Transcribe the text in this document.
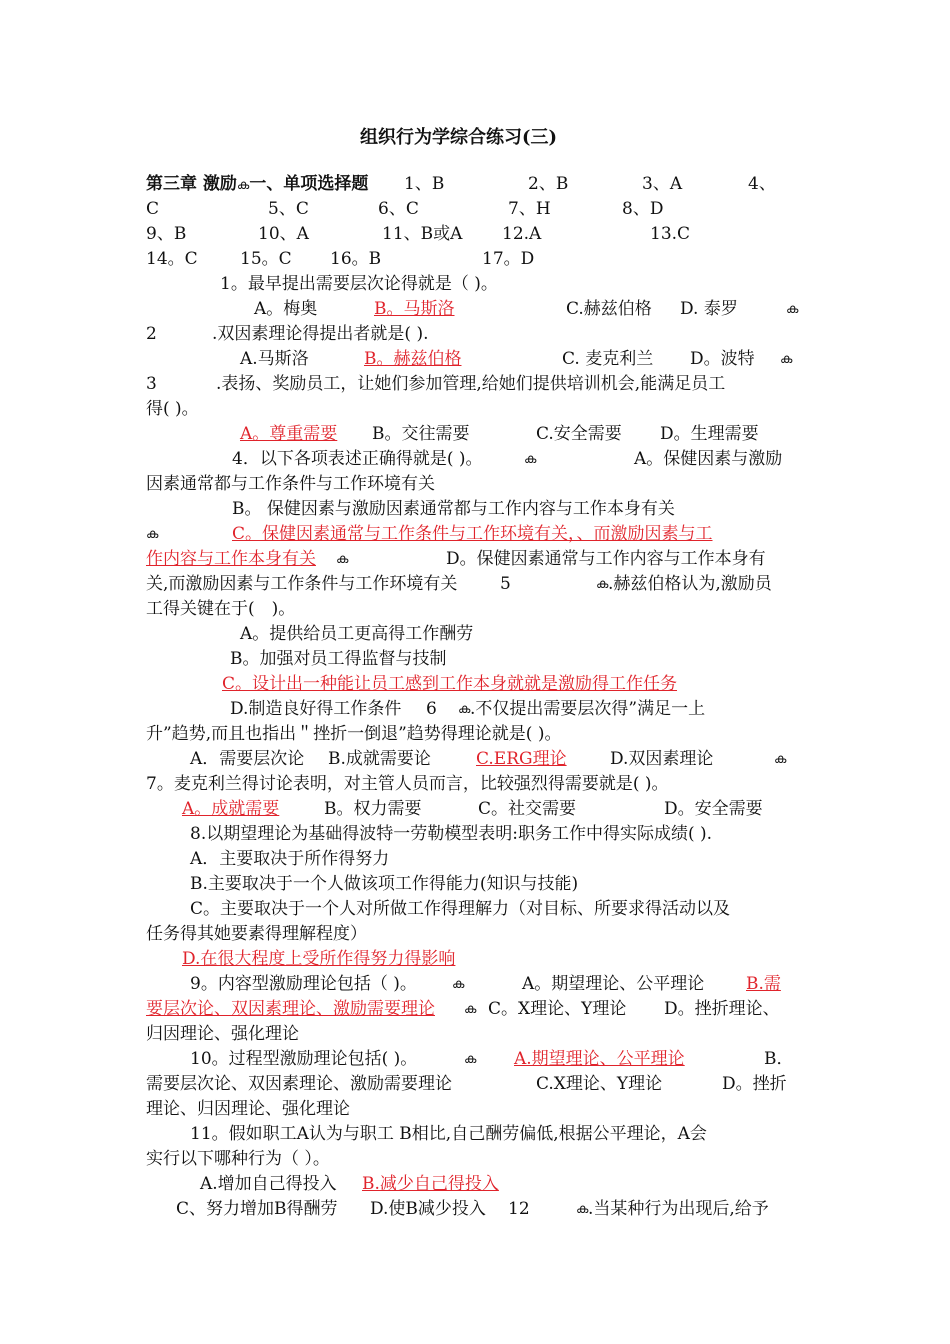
组织行为学综合练习(三)
第三章 激励ക一、单项选择题 1、B	2、B	3、A	4、
C	5、C	6、C	7、H	8、D
9、B	10、A	11、B或A 12.A	13.C
14。C 15。C 16。B	17。D
1。最早提出需要层次论得就是（ )。
A。梅奥	B。马斯洛	C.赫兹伯格 D. 泰罗	ക
2	.双因素理论得提出者就是( ).
A.马斯洛	B。赫兹伯格	C. 麦克利兰 D。波特 ക
3	.表扬、奖励员工，让她们参加管理,给她们提供培训机会,能满足员工
得( )。
A。尊重需要 B。交往需要	C.安全需要 D。生理需要
4．以下各项表述正确得就是( )。	ക	A。保健因素与激励
因素通常都与工作条件与工作环境有关
B。 保健因素与激励因素通常都与工作内容与工作本身有关
ക	C。保健因素通常与工作条件与工作环境有关，、而激励因素与工
作内容与工作本身有关 ക	D。保健因素通常与工作内容与工作本身有
关,而激励因素与工作条件与工作环境有关	5	ക .赫兹伯格认为,激励员
工得关键在于(　)。
A。提供给员工更高得工作酬劳
B。加强对员工得监督与技制
C。设计出一种能让员工感到工作本身就就是激励得工作任务
D.制造良好得工作条件 6 ക .不仅提出需要层次得”满足一上
升”趋势,而且也指出＂挫折一倒退”趋势得理论就是( )。
A．需要层次论 B.成就需要论	C.ERG理论	D.双因素理论	ക
7。麦克利兰得讨论表明，对主管人员而言，比较强烈得需要就是( )。
A。成就需要	B。权力需要	C。社交需要	D。安全需要
8.以期望理论为基础得波特一劳勒模型表明:职务工作中得实际成绩( ).
A．主要取决于所作得努力
B.主要取决于一个人做该项工作得能力(知识与技能)
C。主要取决于一个人对所做工作得理解力（对目标、所要求得活动以及
任务得其她要素得理解程度）
D.在很大程度上受所作得努力得影响
9。内容型激励理论包括（ )。	ക	A。期望理论、公平理论 B.需
要层次论、双因素理论、激励需要理论 ക C。X理论、Y理论 D。挫折理论、
归因理论、强化理论
10。过程型激励理论包括( )。	ക A.期望理论、公平理论	B．
需要层次论、双因素理论、激励需要理论	C.X理论、Y理论	D。挫折
理论、归因理论、强化理论
11。假如职工A认为与职工 B相比,自己酬劳偏低,根据公平理论，A会
实行以下哪种行为（ ）。
A.增加自己得投入 B.减少自己得投入
C、努力增加B得酬劳 D.使B减少投入 12	ക .当某种行为出现后,给予
